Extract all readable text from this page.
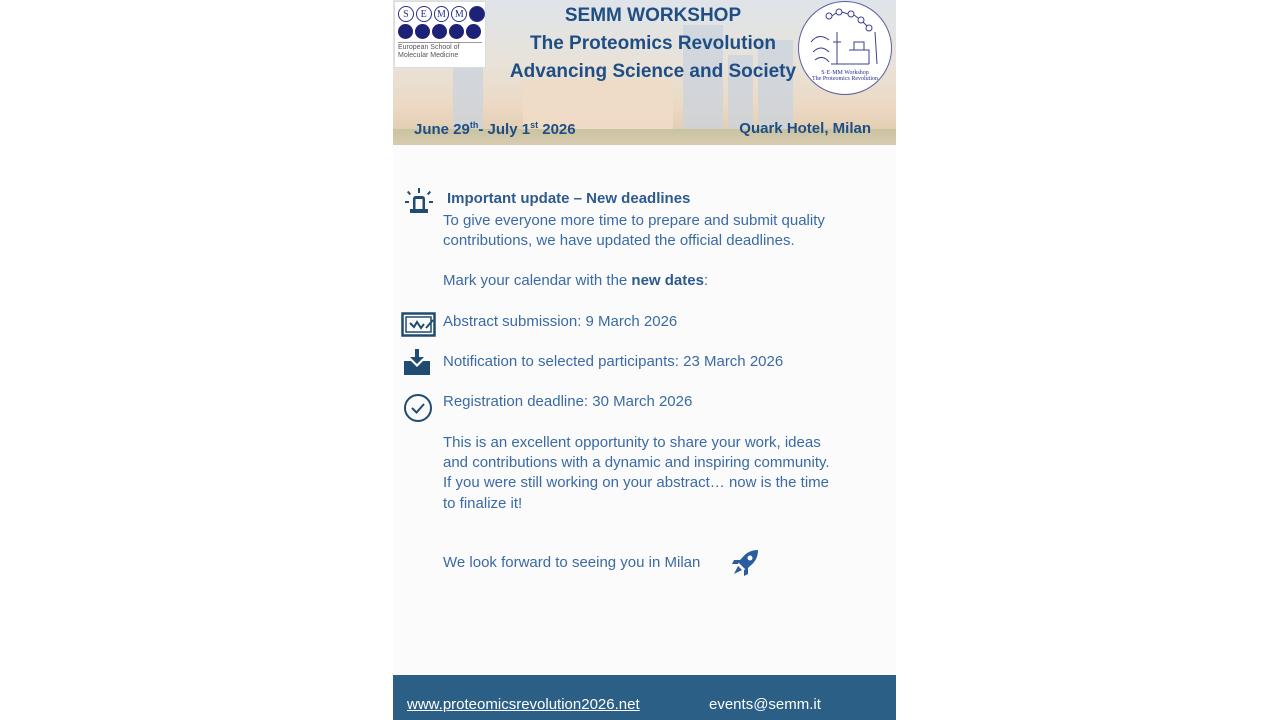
S	E	M M
European School of
Molecular Medicine
SEMM WORKSHOP
The Proteomics Revolution
Advancing Science and Society	S·E·MM Workshop
The Proteomics Revolution
June 29th- July 1st 2026	Quark Hotel, Milan
Important update – New deadlines
To give everyone more time to prepare and submit quality
contributions, we have updated the official deadlines.
Mark your calendar with the new dates:
Abstract submission: 9 March 2026
Notification to selected participants: 23 March 2026
Registration deadline: 30 March 2026
This is an excellent opportunity to share your work, ideas
and contributions with a dynamic and inspiring community.
If you were still working on your abstract… now is the time
to finalize it!
We look forward to seeing you in Milan
www.proteomicsrevolution2026.net	events@semm.it
